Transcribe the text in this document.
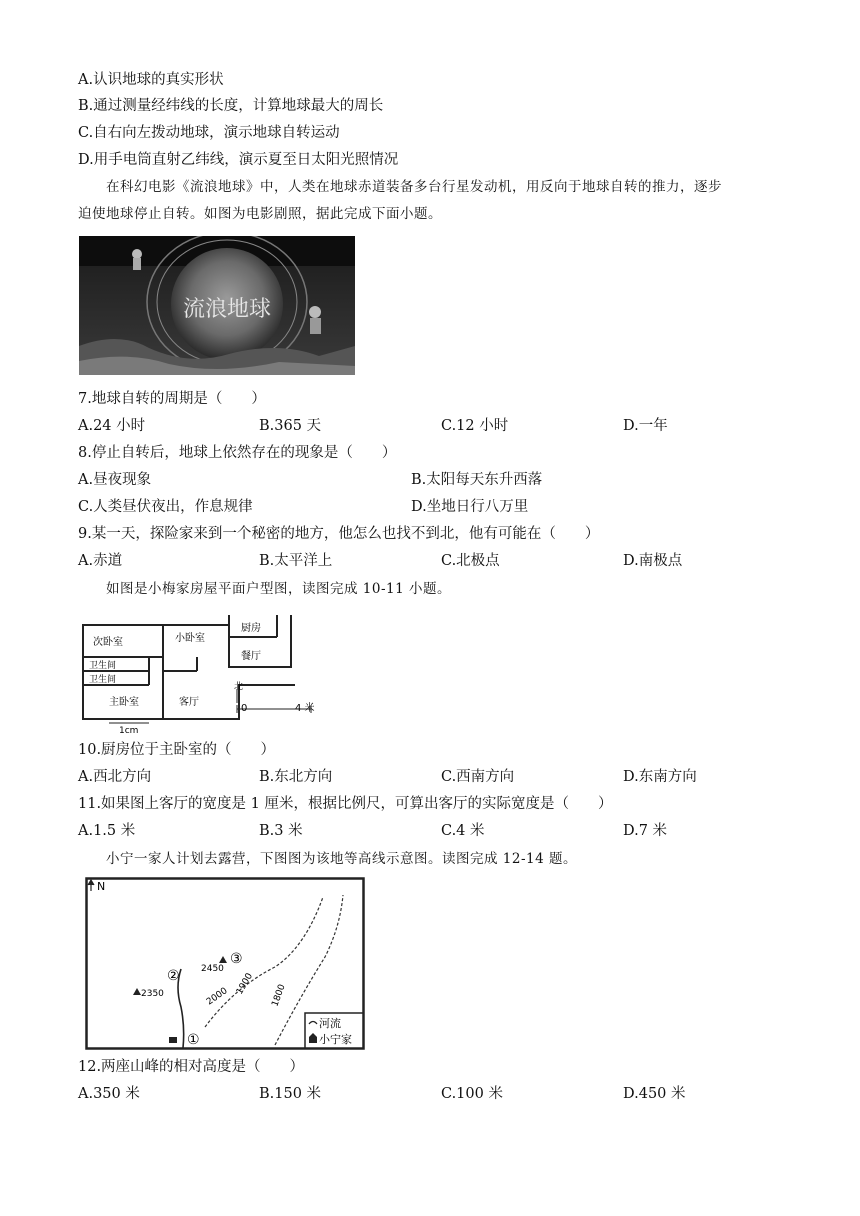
A.认识地球的真实形状
B.通过测量经纬线的长度，计算地球最大的周长
C.自右向左拨动地球，演示地球自转运动
D.用手电筒直射乙纬线，演示夏至日太阳光照情况
在科幻电影《流浪地球》中，人类在地球赤道装备多台行星发动机，用反向于地球自转的推力，逐步
迫使地球停止自转。如图为电影剧照，据此完成下面小题。
流浪地球
7.地球自转的周期是（　　）
A.24 小时	B.365 天	C.12 小时	D.一年
8.停止自转后，地球上依然存在的现象是（　　）
A.昼夜现象	B.太阳每天东升西落
C.人类昼伏夜出，作息规律	D.坐地日行八万里
9.某一天，探险家来到一个秘密的地方，他怎么也找不到北，他有可能在（　　）
A.赤道	B.太平洋上	C.北极点	D.南极点
如图是小梅家房屋平面户型图，读图完成 10-11 小题。
次卧室	小卧室
厨房
餐厅
卫生间
卫生间
主卧室	客厅
北
0	4 米
1cm
10.厨房位于主卧室的（　　）
A.西北方向	B.东北方向	C.西南方向	D.东南方向
11.如果图上客厅的宽度是 1 厘米，根据比例尺，可算出客厅的实际宽度是（　　）
A.1.5 米	B.3 米	C.4 米	D.7 米
小宁一家人计划去露营，下图图为该地等高线示意图。读图完成 12-14 题。
N
2350
2450
2000
1900 1800
②
③
①
河流
小宁家
12.两座山峰的相对高度是（　　）
A.350 米	B.150 米	C.100 米	D.450 米
